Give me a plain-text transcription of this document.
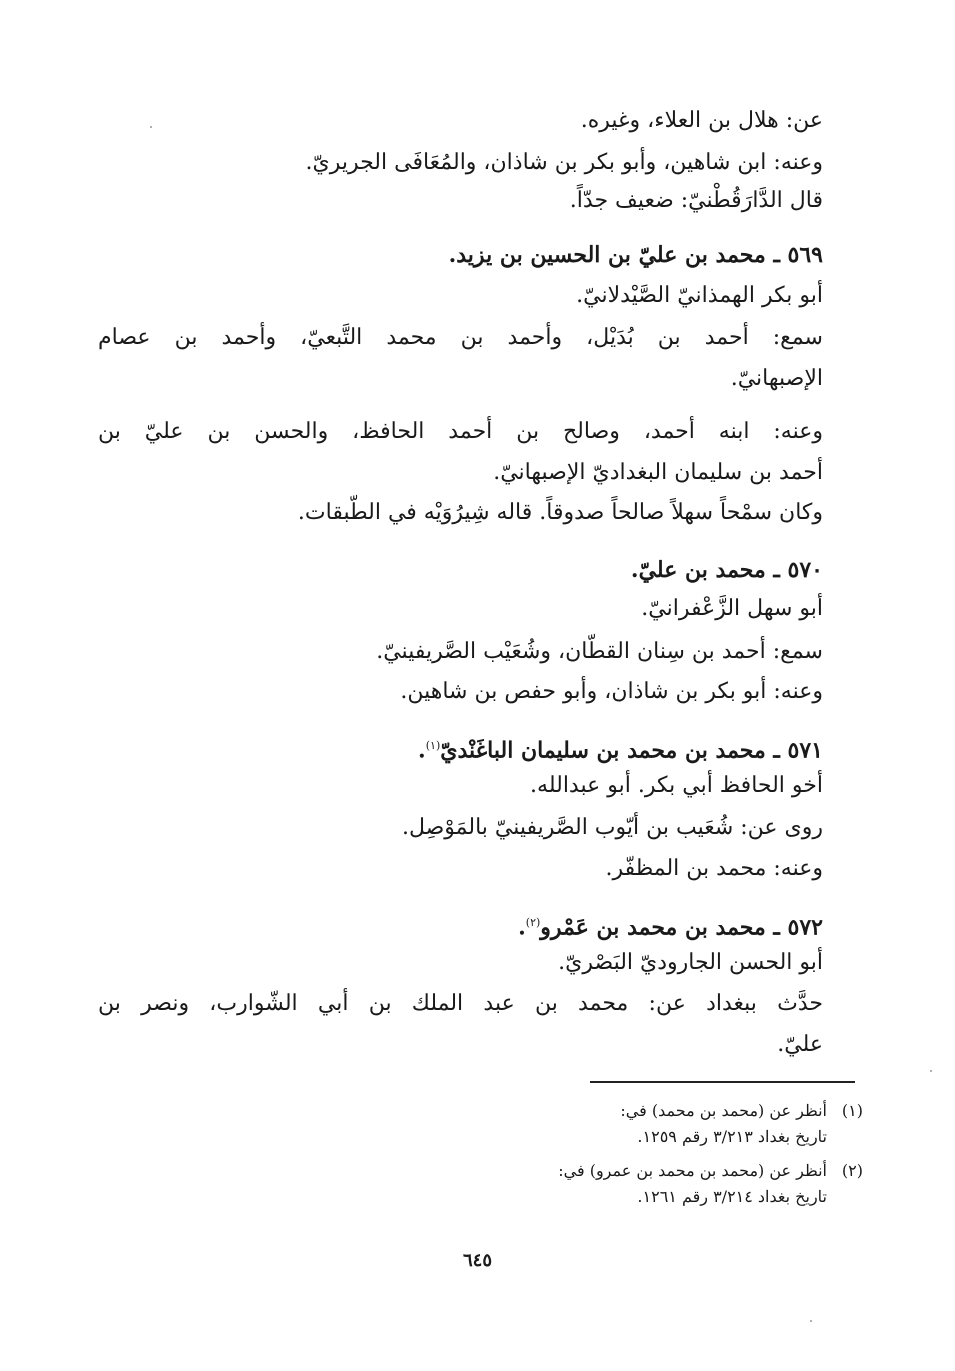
عن: هلال بن العلاء، وغيره.
وعنه: ابن شاهين، وأبو بكر بن شاذان، والمُعَافَى الجريريّ.
قال الدَّارَقُطْنيّ: ضعيف جدّاً.
٥٦٩ ـ محمد بن عليّ بن الحسين بن يزيد.
أبو بكر الهمذانيّ الصَّيْدلانيّ.
سمع: أحمد بن بُدَيْل، وأحمد بن محمد التَّبعيّ، وأحمد بن عصام
الإصبهانيّ.
وعنه: ابنه أحمد، وصالح بن أحمد الحافظ، والحسن بن عليّ بن
أحمد بن سليمان البغداديّ الإصبهانيّ.
وكان سمْحاً سهلاً صالحاً صدوقاً. قاله شِيرُوَيْه في الطّبقات.
٥٧٠ ـ محمد بن عليّ.
أبو سهل الزَّعْفرانيّ.
سمع: أحمد بن سِنان القطّان، وشُعَيْب الصَّريفينيّ.
وعنه: أبو بكر بن شاذان، وأبو حفص بن شاهين.
٥٧١ ـ محمد بن محمد بن سليمان الباغَنْديّ$^{(١)}$.
أخو الحافظ أبي بكر. أبو عبدالله.
روى عن: شُعَيب بن أيّوب الصَّريفينيّ بالمَوْصِل.
وعنه: محمد بن المظفّر.
٥٧٢ ـ محمد بن محمد بن عَمْرو$^{(٢)}$.
أبو الحسن الجاروديّ البَصْريّ.
حدَّث ببغداد عن: محمد بن عبد الملك بن أبي الشّوارب، ونصر بن
عليّ.
(١)أنظر عن (محمد بن محمد) في:
تاريخ بغداد ٣/٢١٣ رقم ١٢٥٩.
(٢)أنظر عن (محمد بن محمد بن عمرو) في:
تاريخ بغداد ٣/٢١٤ رقم ١٢٦١.
٦٤٥
